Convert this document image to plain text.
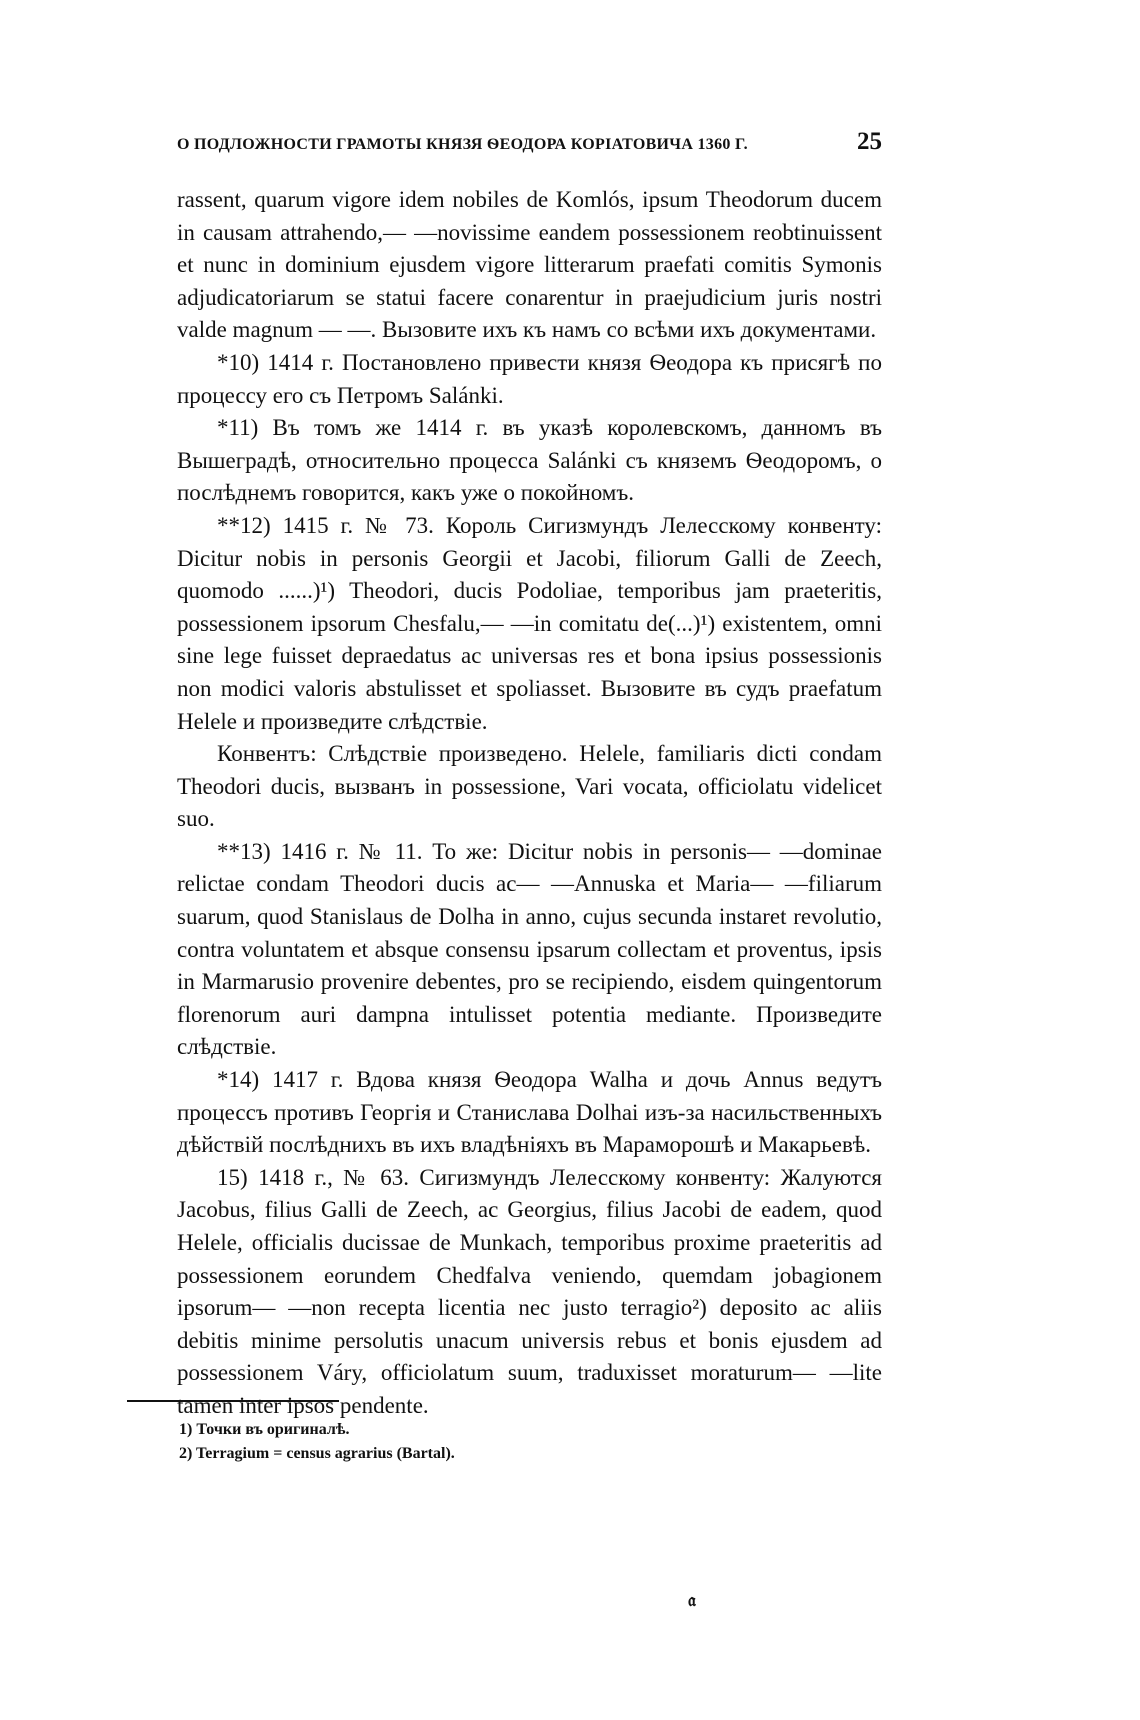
О ПОДЛОЖНОСТИ ГРАМОТЫ КНЯЗЯ ѲЕОДОРА КОРІАТОВИЧА 1360 Г.	25

rassent, quarum vigore idem nobiles de Komlós, ipsum Theodorum ducem in causam attrahendo,— —novissime eandem possessionem reobtinuissent et nunc in dominium ejusdem vigore litterarum praefati comitis Symonis adjudicatoriarum se statui facere conarentur in praejudicium juris nostri valde magnum — —. Вызовите ихъ къ намъ со всѣми ихъ документами.

*10) 1414 г. Постановлено привести князя Ѳеодора къ присягѣ по процессу его съ Петромъ Salánki.

*11) Въ томъ же 1414 г. въ указѣ королевскомъ, данномъ въ Вышеградѣ, относительно процесса Salánki съ княземъ Ѳеодоромъ, о послѣднемъ говорится, какъ уже о покойномъ.

**12) 1415 г. № 73. Король Сигизмундъ Лелесскому конвенту: Dicitur nobis in personis Georgii et Jacobi, filiorum Galli de Zeech, quomodo ......)¹) Theodori, ducis Podoliae, temporibus jam praeteritis, possessionem ipsorum Chesfalu,— —in comitatu de(...)¹) existentem, omni sine lege fuisset depraedatus ac universas res et bona ipsius possessionis non modici valoris abstulisset et spoliasset. Вызовите въ судъ praefatum Helele и произведите слѣдствіе.

Конвентъ: Слѣдствіе произведено. Helele, familiaris dicti condam Theodori ducis, вызванъ in possessione, Vari vocata, officiolatu videlicet suo.

**13) 1416 г. № 11. То же: Dicitur nobis in personis— —dominae relictae condam Theodori ducis ac— —Annuska et Maria— —filiarum suarum, quod Stanislaus de Dolha in anno, cujus secunda instaret revolutio, contra voluntatem et absque consensu ipsarum collectam et proventus, ipsis in Marmarusio provenire debentes, pro se recipiendo, eisdem quingentorum florenorum auri dampna intulisset potentia mediante. Произведите слѣдствіе.

*14) 1417 г. Вдова князя Ѳеодора Walha и дочь Annus ведутъ процессъ противъ Георгія и Станислава Dolhai изъ-за насильственныхъ дѣйствій послѣднихъ въ ихъ владѣніяхъ въ Мараморошѣ и Макарьевѣ.

15) 1418 г., № 63. Сигизмундъ Лелесскому конвенту: Жалуются Jacobus, filius Galli de Zeech, ac Georgius, filius Jacobi de eadem, quod Helele, officialis ducissae de Munkach, temporibus proxime praeteritis ad possessionem eorundem Chedfalva veniendo, quemdam jobagionem ipsorum— —non recepta licentia nec justo terragio²) deposito ac aliis debitis minime persolutis unacum universis rebus et bonis ejusdem ad possessionem Váry, officiolatum suum, traduxisset moraturum— —lite tamen inter ipsos pendente.

1) Точки въ оригиналѣ.
2) Terragium = census agrarius (Bartal).
𝔞
